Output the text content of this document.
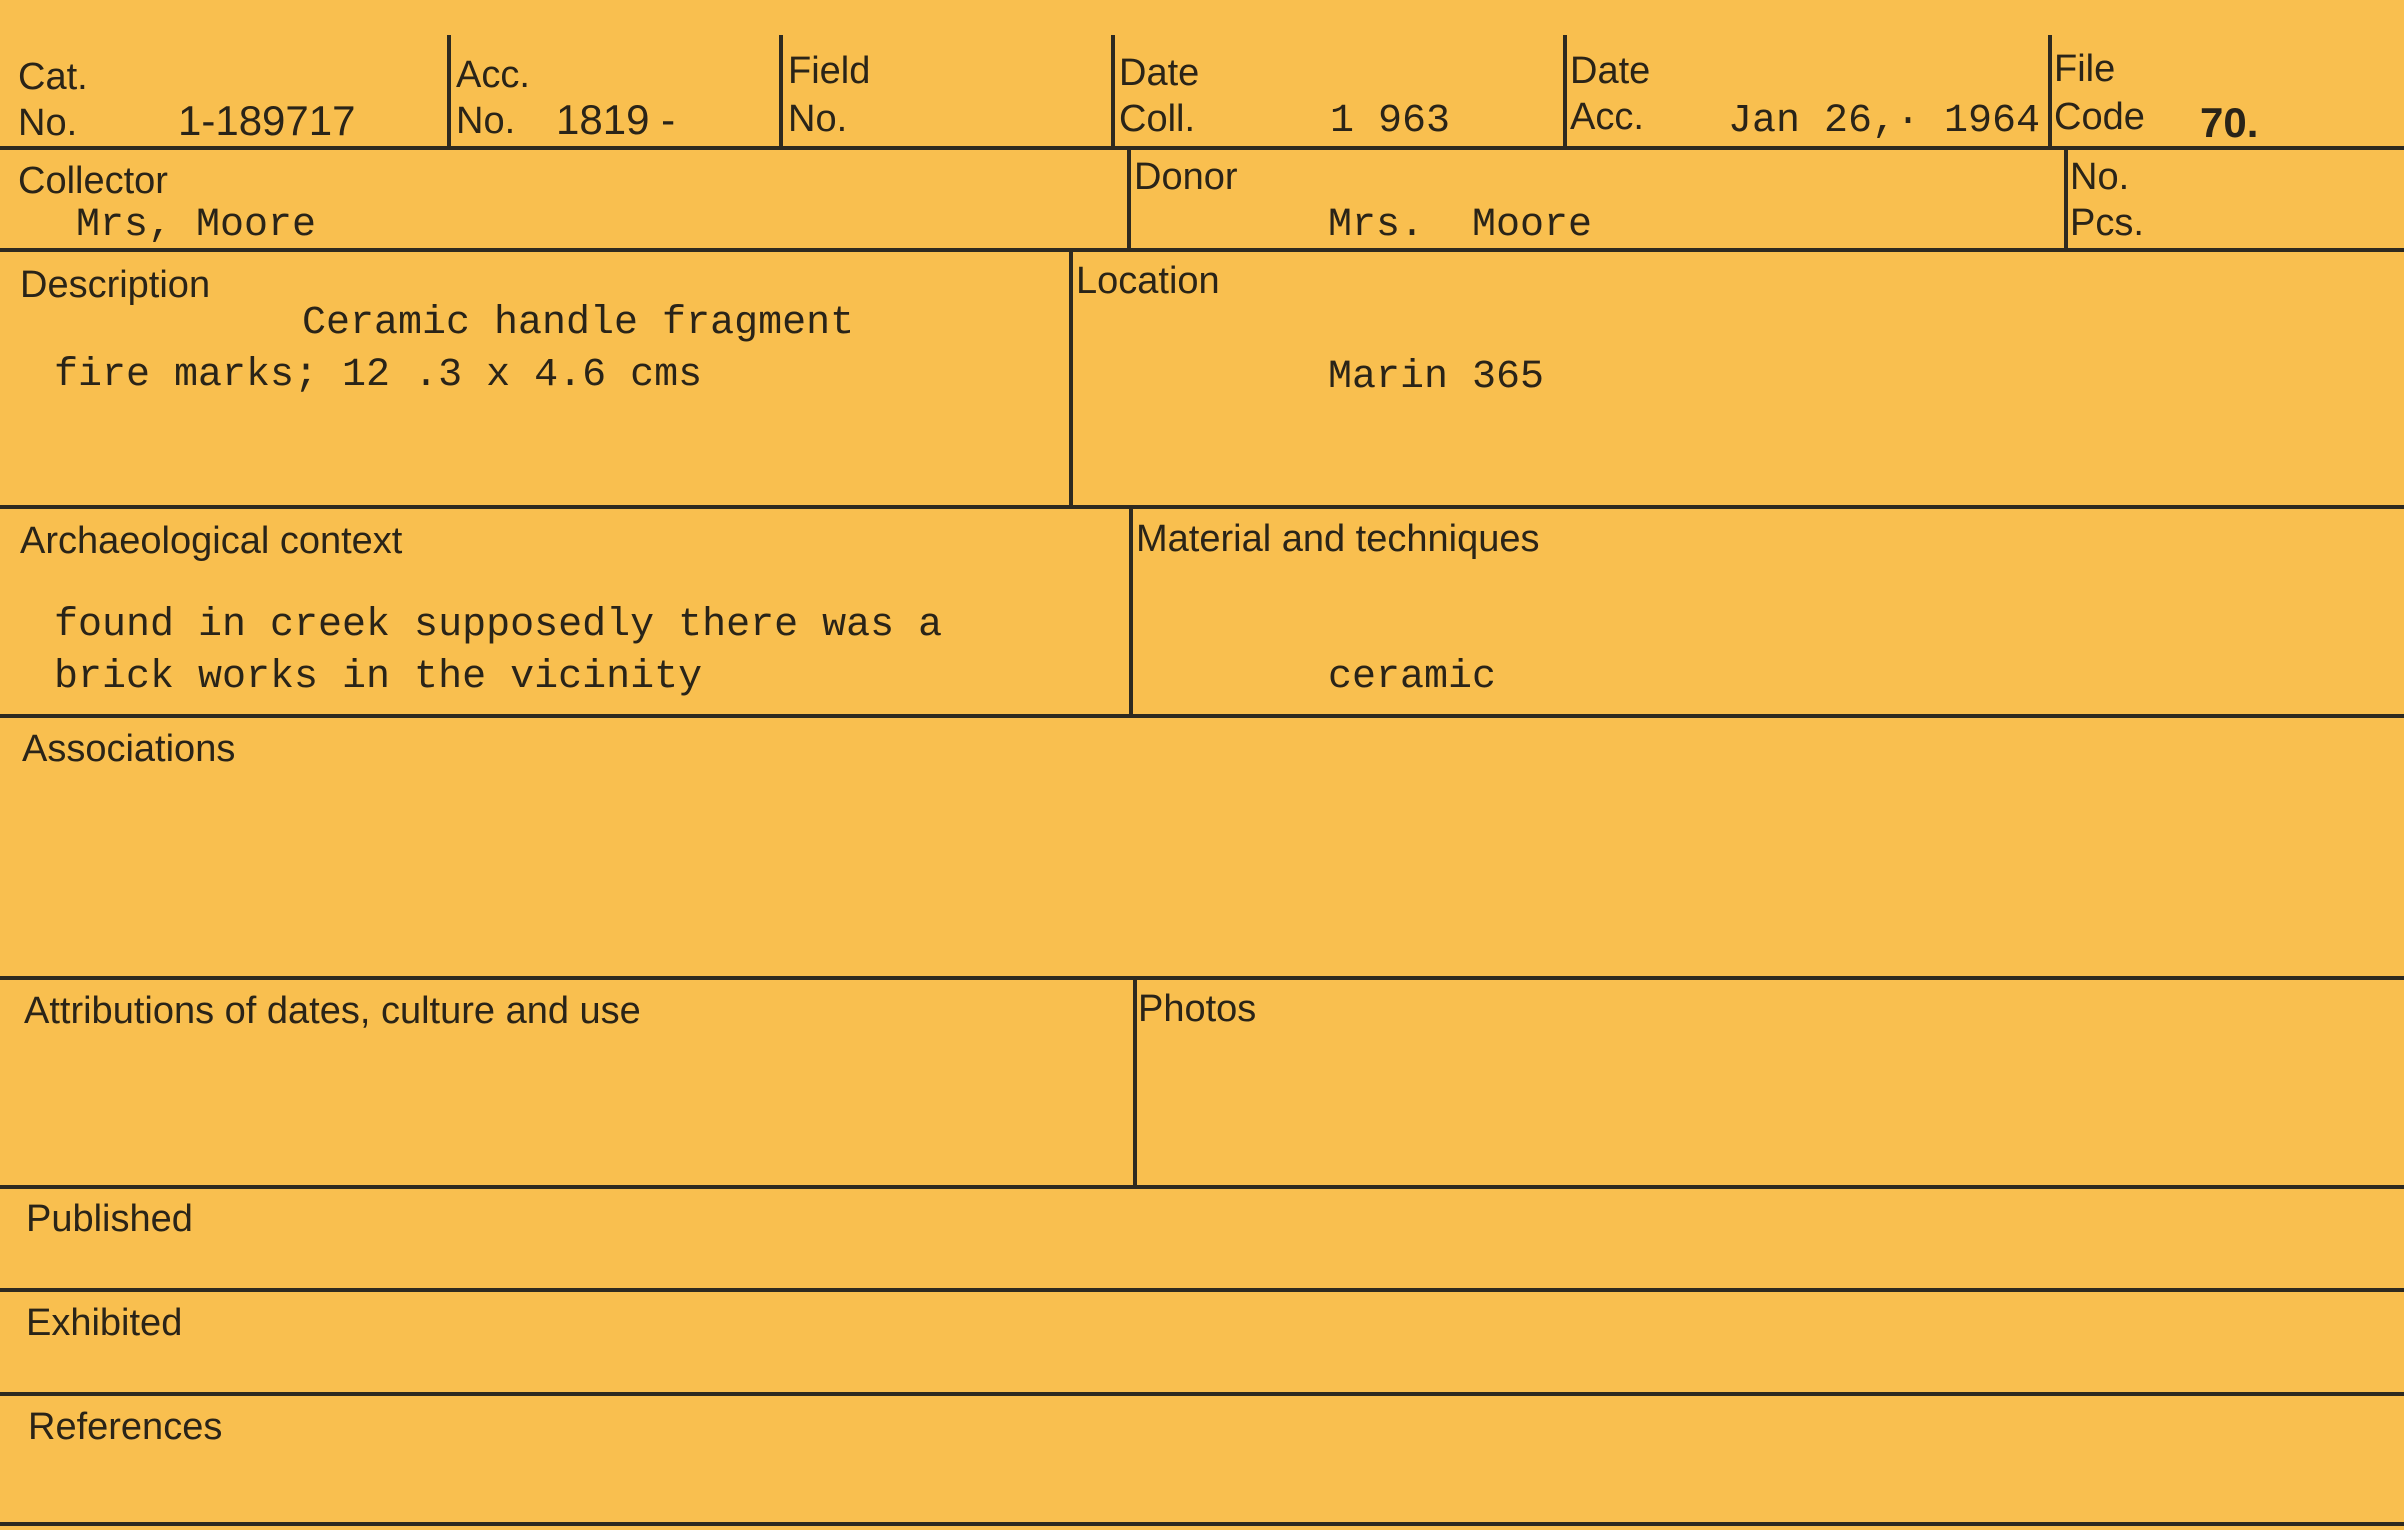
Cat.
No. 1-189717
Acc.
No. 1819 -
Field
No.
Date
Coll.	1 963
Date
Acc. Jan 26,· 1964
File
Code 70.
Collector
Mrs, Moore
Donor
Mrs.  Moore
No.
Pcs.
Description
Ceramic handle fragment
fire marks; 12 .3 x 4.6 cms
Location
Marin 365
Archaeological context
found in creek supposedly there was a
brick works in the vicinity
Material and techniques
ceramic
Associations
Attributions of dates, culture and use	Photos
Published
Exhibited
References
